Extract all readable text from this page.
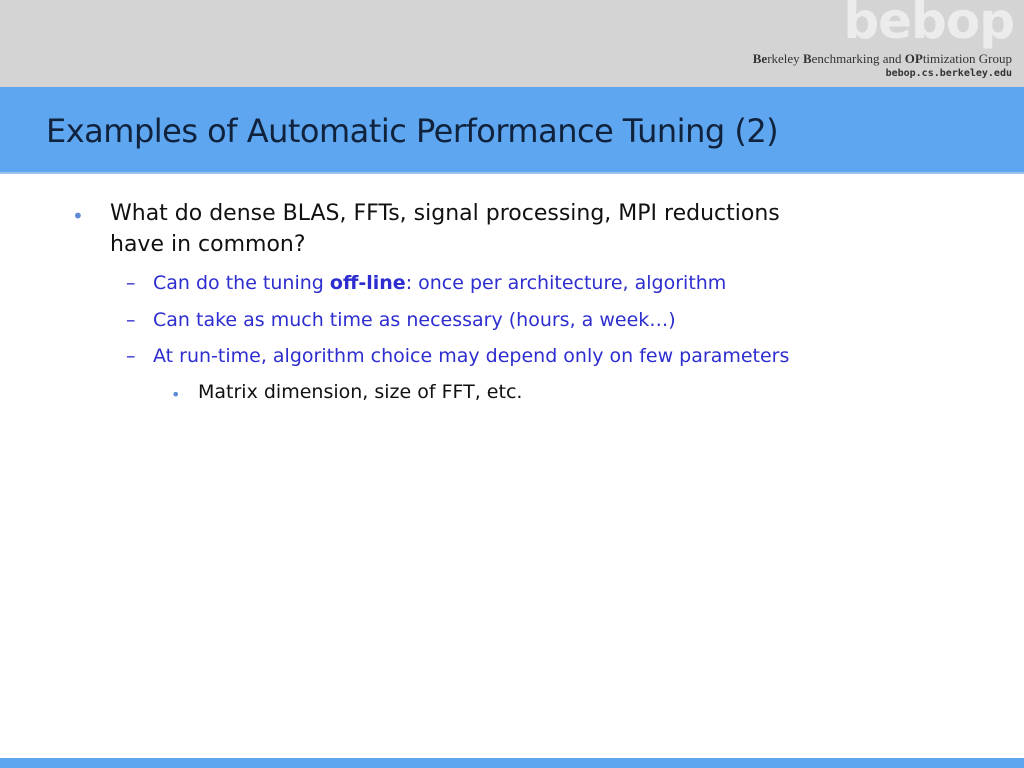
bebop
Berkeley Benchmarking and OPtimization Group
bebop.cs.berkeley.edu
Examples of Automatic Performance Tuning (2)
• What do dense BLAS, FFTs, signal processing, MPI reductions
have in common?
– Can do the tuning off-line: once per architecture, algorithm
– Can take as much time as necessary (hours, a week…)
– At run-time, algorithm choice may depend only on few parameters
• Matrix dimension, size of FFT, etc.
